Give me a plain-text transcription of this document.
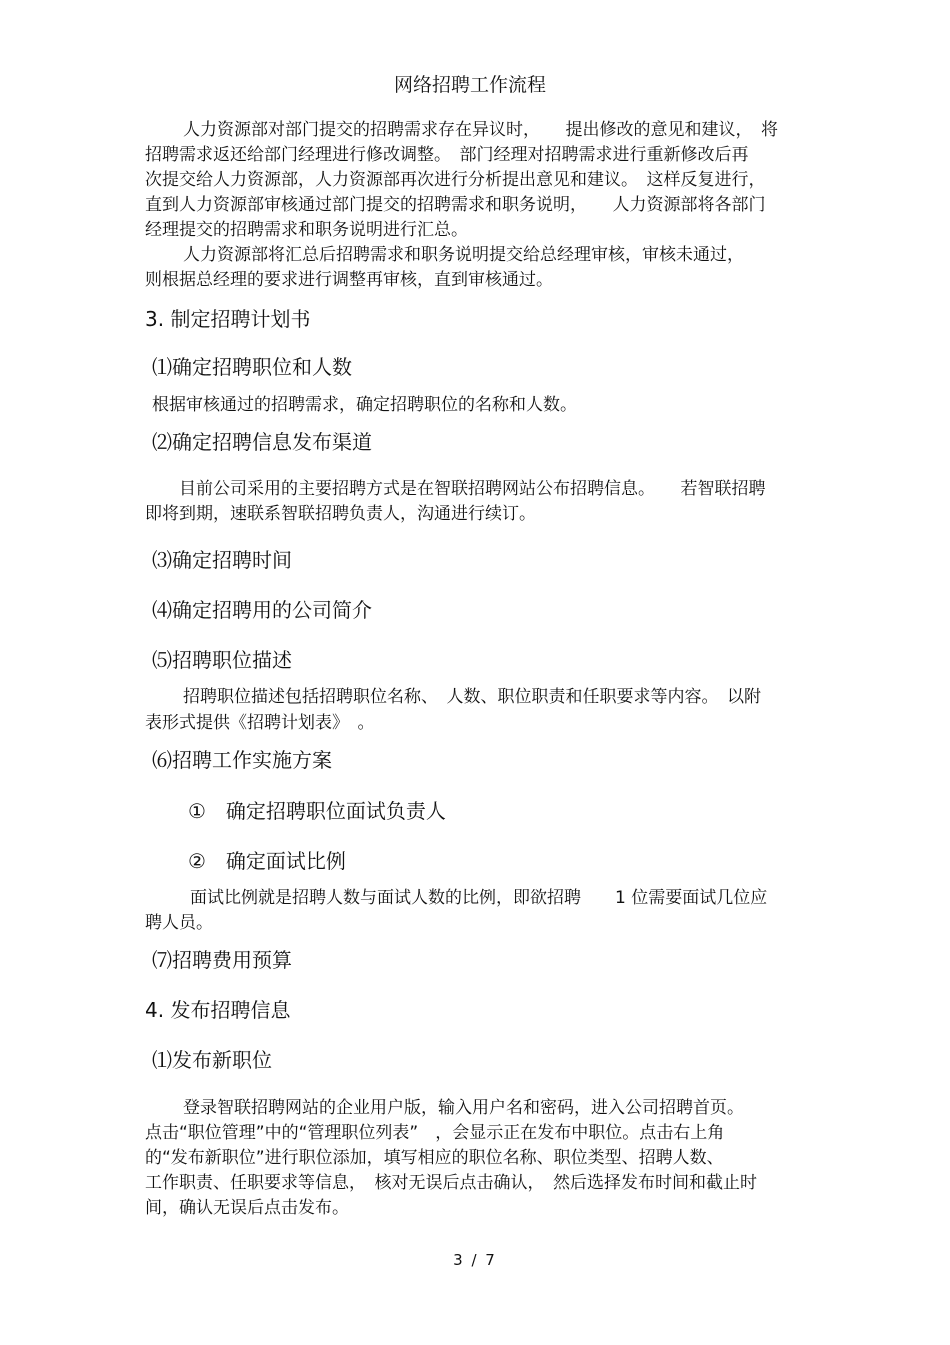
网络招聘工作流程
人力资源部对部门提交的招聘需求存在异议时，　　提出修改的意见和建议，　将
招聘需求返还给部门经理进行修改调整。　部门经理对招聘需求进行重新修改后再
次提交给人力资源部，人力资源部再次进行分析提出意见和建议。　这样反复进行，
直到人力资源部审核通过部门提交的招聘需求和职务说明，　　人力资源部将各部门
经理提交的招聘需求和职务说明进行汇总。
人力资源部将汇总后招聘需求和职务说明提交给总经理审核，审核未通过，
则根据总经理的要求进行调整再审核，直到审核通过。
3. 制定招聘计划书
⑴确定招聘职位和人数
根据审核通过的招聘需求，确定招聘职位的名称和人数。
⑵确定招聘信息发布渠道
目前公司采用的主要招聘方式是在智联招聘网站公布招聘信息。　　若智联招聘
即将到期，速联系智联招聘负责人，沟通进行续订。
⑶确定招聘时间
⑷确定招聘用的公司简介
⑸招聘职位描述
招聘职位描述包括招聘职位名称、　人数、职位职责和任职要求等内容。　以附
表形式提供《招聘计划表》　。
⑹招聘工作实施方案
①　确定招聘职位面试负责人
②　确定面试比例
面试比例就是招聘人数与面试人数的比例，即欲招聘　　1 位需要面试几位应
聘人员。
⑺招聘费用预算
4. 发布招聘信息
⑴发布新职位
登录智联招聘网站的企业用户版，输入用户名和密码，进入公司招聘首页。
点击“职位管理”中的“管理职位列表”　，会显示正在发布中职位。点击右上角
的“发布新职位”进行职位添加，填写相应的职位名称、职位类型、招聘人数、
工作职责、任职要求等信息，　核对无误后点击确认，　然后选择发布时间和截止时
间，确认无误后点击发布。
3 / 7
